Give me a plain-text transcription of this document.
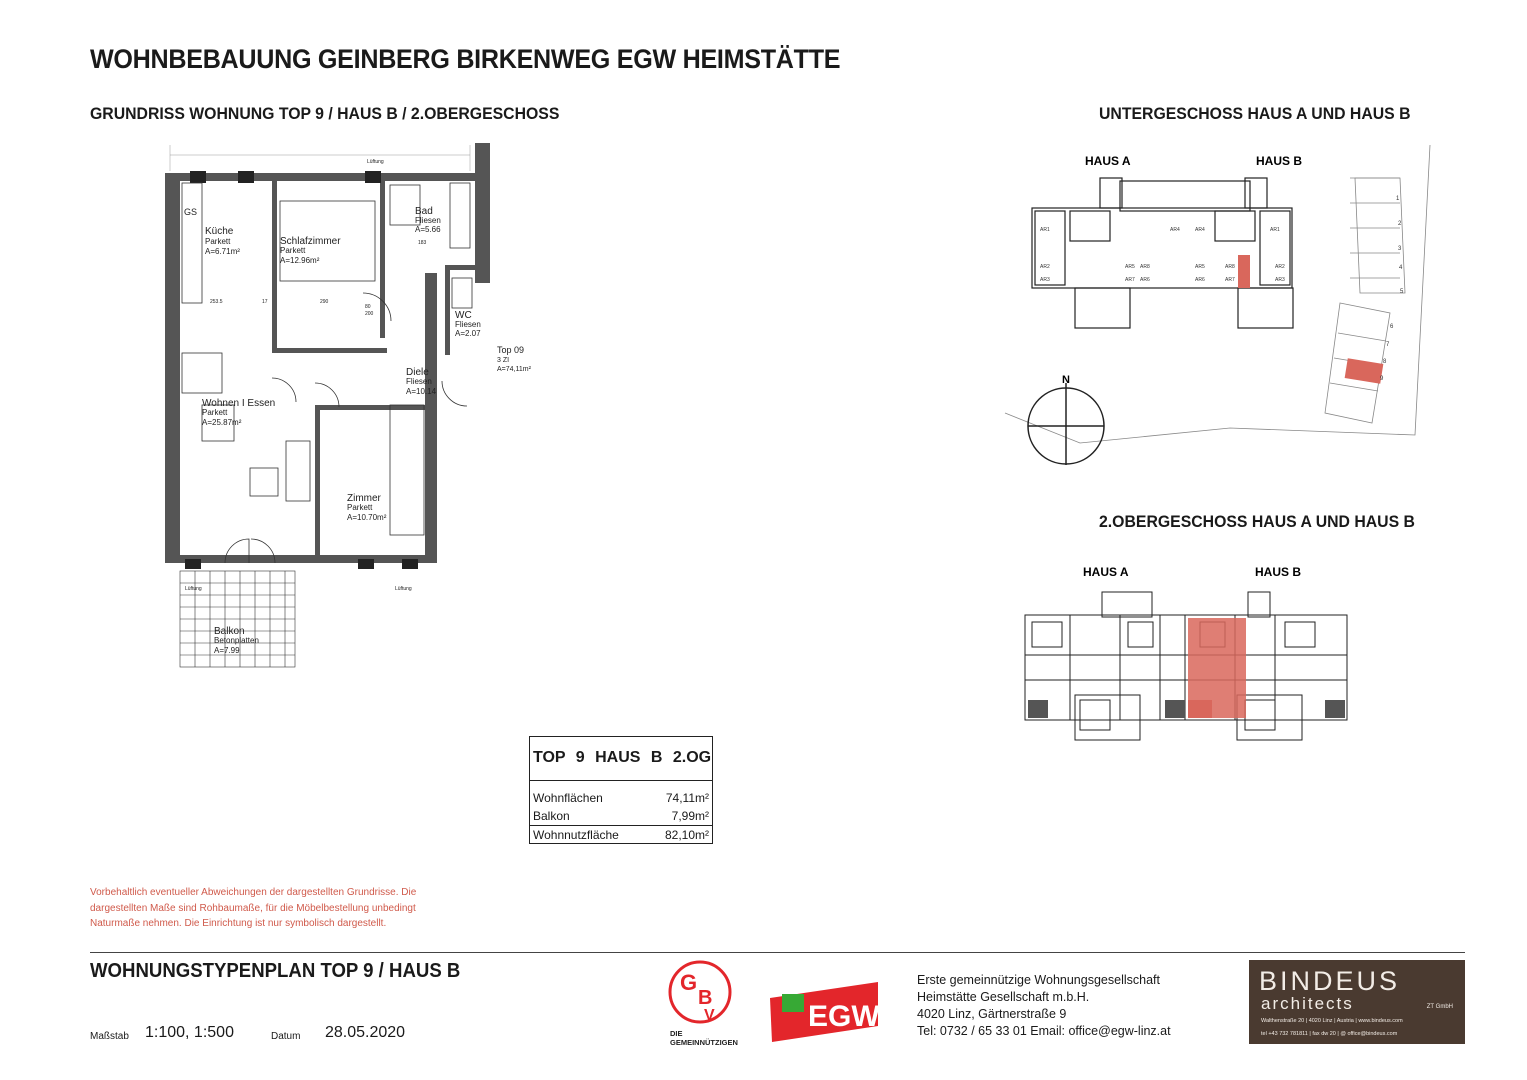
WOHNBEBAUUNG GEINBERG BIRKENWEG EGW HEIMSTÄTTE
GRUNDRISS WOHNUNG TOP 9 / HAUS B / 2.OBERGESCHOSS	UNTERGESCHOSS HAUS A UND HAUS B
2.OBERGESCHOSS HAUS A UND HAUS B
GS
Küche
Parkett
A=6.71m²
Schlafzimmer
Parkett
A=12.96m²
Bad
Fliesen
A=5.66
WC
Fliesen
A=2.07
Wohnen I Essen
Parkett
A=25.87m²
Diele
Fliesen
A=10.14
Zimmer
Parkett
A=10.70m²
Balkon
Betonplatten
A=7.99
Top 09
3 ZI
A=74,11m²
Lüftung
Lüftung	Lüftung
253.5	17	290
80
200
183
AR1
AR2
AR3
AR4
AR5
AR6
AR7
AR8
AR1
AR2
AR3
AR4
AR5
AR6	AR7
AR8
1
2
3
4
5
6
7
8
9
HAUS A	HAUS B
N
HAUS A	HAUS B
TOP 9 HAUS B 2.OG
Wohnflächen	74,11m²
Balkon	7,99m²
Wohnnutzfläche	82,10m²
Vorbehaltlich eventueller Abweichungen der dargestellten Grundrisse. Die dargestellten Maße sind Rohbaumaße, für die Möbelbestellung unbedingt Naturmaße nehmen. Die Einrichtung ist nur symbolisch dargestellt.
WOHNUNGSTYPENPLAN TOP 9 / HAUS B
Maßstab 1:100, 1:500	Datum 28.05.2020
G
B
V
DIE
GEMEINNÜTZIGEN
EGW
Erste gemeinnützige Wohnungsgesellschaft
Heimstätte Gesellschaft m.b.H.
4020 Linz, Gärtnerstraße 9
Tel: 0732 / 65 33 01 Email: office@egw-linz.at
BINDEUS
architects	ZT GmbH
Walthenstraße 20 | 4020 Linz | Austria | www.bindeus.com
tel +43 732 781811 | fax dw 20 | @ office@bindeus.com
